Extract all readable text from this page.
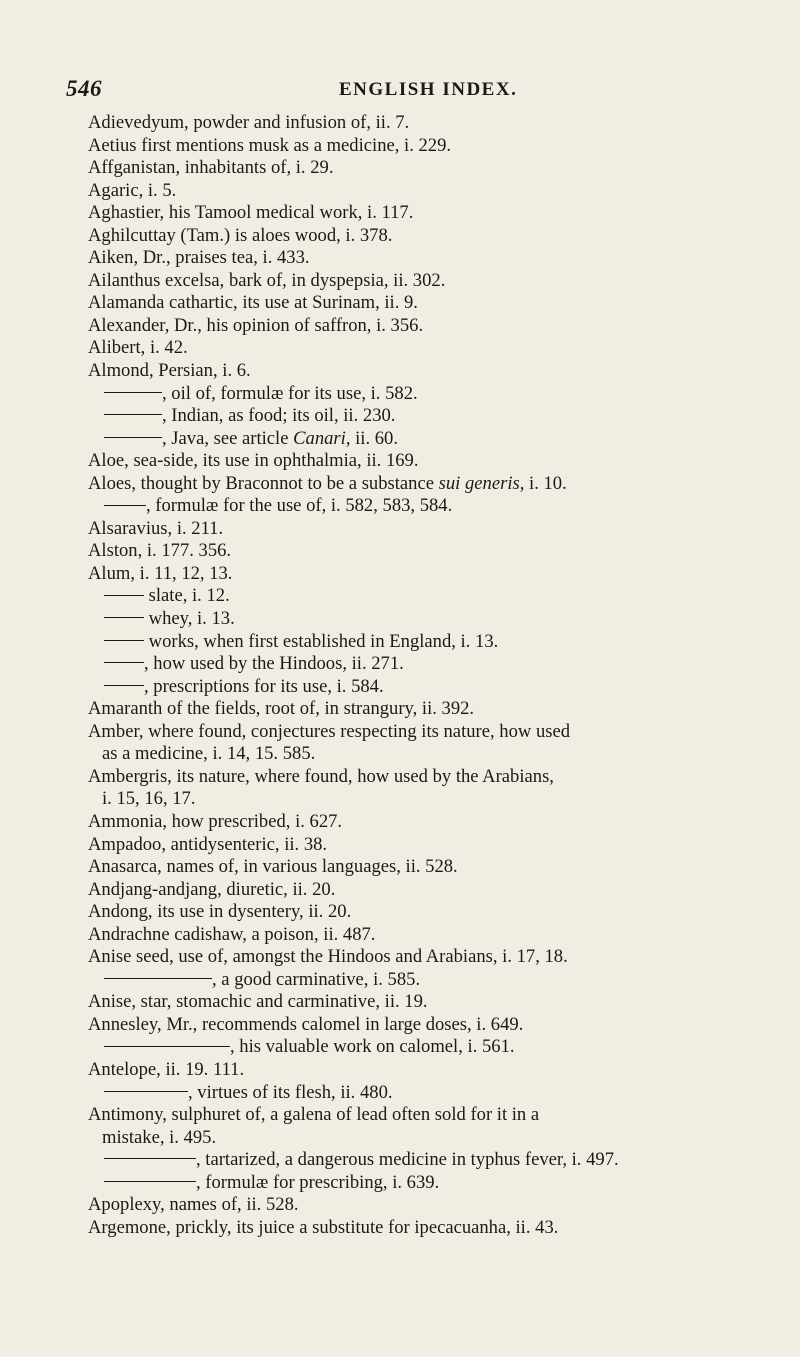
546	ENGLISH INDEX.
Adievedyum, powder and infusion of, ii. 7.
Aetius first mentions musk as a medicine, i. 229.
Affganistan, inhabitants of, i. 29.
Agaric, i. 5.
Aghastier, his Tamool medical work, i. 117.
Aghilcuttay (Tam.) is aloes wood, i. 378.
Aiken, Dr., praises tea, i. 433.
Ailanthus excelsa, bark of, in dyspepsia, ii. 302.
Alamanda cathartic, its use at Surinam, ii. 9.
Alexander, Dr., his opinion of saffron, i. 356.
Alibert, i. 42.
Almond, Persian, i. 6.
, oil of, formulæ for its use, i. 582.
, Indian, as food; its oil, ii. 230.
, Java, see article Canari, ii. 60.
Aloe, sea-side, its use in ophthalmia, ii. 169.
Aloes, thought by Braconnot to be a substance sui generis, i. 10.
, formulæ for the use of, i. 582, 583, 584.
Alsaravius, i. 211.
Alston, i. 177. 356.
Alum, i. 11, 12, 13.
slate, i. 12.
whey, i. 13.
works, when first established in England, i. 13.
, how used by the Hindoos, ii. 271.
, prescriptions for its use, i. 584.
Amaranth of the fields, root of, in strangury, ii. 392.
Amber, where found, conjectures respecting its nature, how used
as a medicine, i. 14, 15. 585.
Ambergris, its nature, where found, how used by the Arabians,
i. 15, 16, 17.
Ammonia, how prescribed, i. 627.
Ampadoo, antidysenteric, ii. 38.
Anasarca, names of, in various languages, ii. 528.
Andjang-andjang, diuretic, ii. 20.
Andong, its use in dysentery, ii. 20.
Andrachne cadishaw, a poison, ii. 487.
Anise seed, use of, amongst the Hindoos and Arabians, i. 17, 18.
, a good carminative, i. 585.
Anise, star, stomachic and carminative, ii. 19.
Annesley, Mr., recommends calomel in large doses, i. 649.
, his valuable work on calomel, i. 561.
Antelope, ii. 19. 111.
, virtues of its flesh, ii. 480.
Antimony, sulphuret of, a galena of lead often sold for it in a
mistake, i. 495.
, tartarized, a dangerous medicine in typhus fever, i. 497.
, formulæ for prescribing, i. 639.
Apoplexy, names of, ii. 528.
Argemone, prickly, its juice a substitute for ipecacuanha, ii. 43.
